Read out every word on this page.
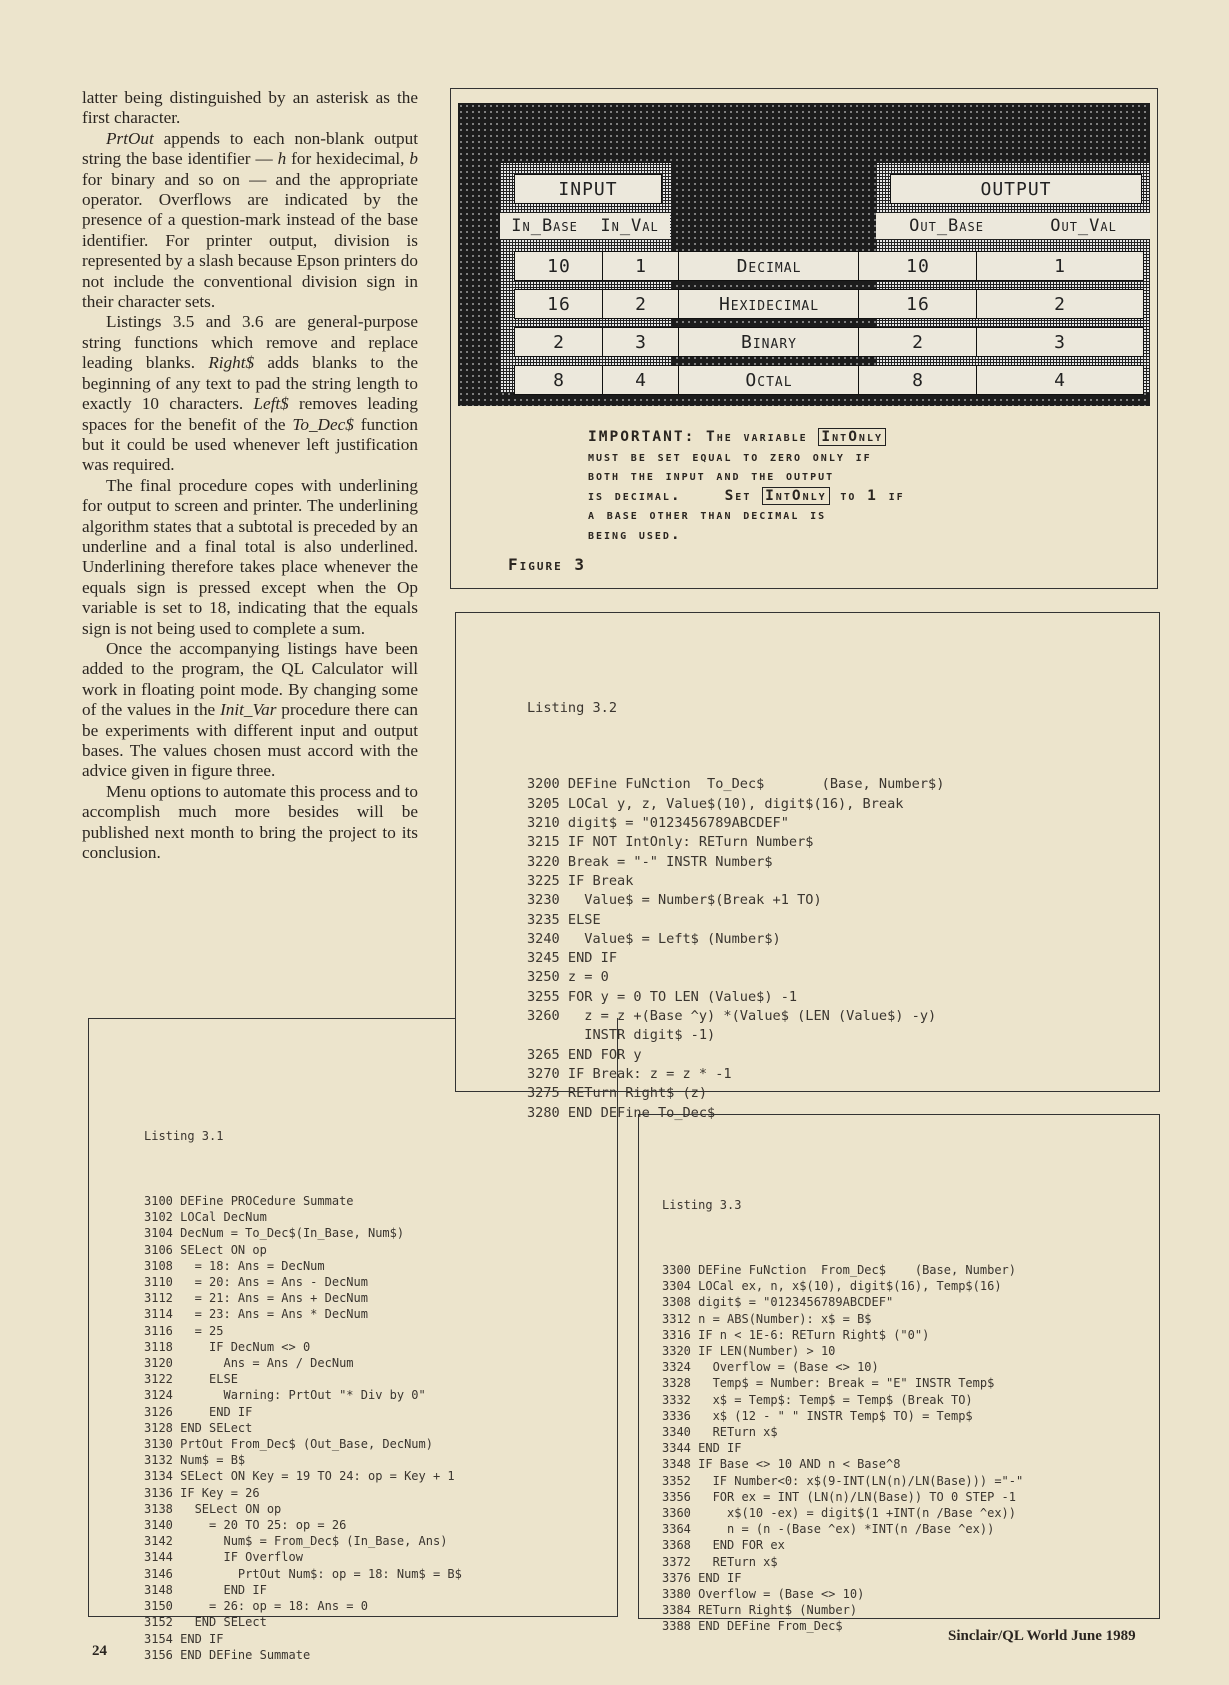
latter being distinguished by an asterisk as the first character.

PrtOut appends to each non-blank output string the base identifier — h for hexidecimal, b for binary and so on — and the appropriate operator. Overflows are indicated by the presence of a question-mark instead of the base identifier. For printer output, division is represented by a slash because Epson printers do not include the conventional division sign in their character sets.

Listings 3.5 and 3.6 are general-purpose string functions which remove and replace leading blanks. Right$ adds blanks to the beginning of any text to pad the string length to exactly 10 characters. Left$ removes leading spaces for the benefit of the To_Dec$ function but it could be used whenever left justification was required.

The final procedure copes with underlining for output to screen and printer. The underlining algorithm states that a subtotal is preceded by an underline and a final total is also underlined. Underlining therefore takes place whenever the equals sign is pressed except when the Op variable is set to 18, indicating that the equals sign is not being used to complete a sum.

Once the accompanying listings have been added to the program, the QL Calculator will work in floating point mode. By changing some of the values in the Init_Var procedure there can be experiments with different input and output bases. The values chosen must accord with the advice given in figure three.

Menu options to automate this process and to accomplish much more besides will be published next month to bring the project to its conclusion.

INPUT	OUTPUT
In_Base In_Val	Out_Base	Out_Val
10	1	Decimal	10	1
16	2	Hexidecimal	16	2
2	3	Binary	2	3
8	4	Octal	8	4
IMPORTANT: The variable IntOnly
must be set equal to zero only if
both the input and the output
is decimal.    Set IntOnly to 1 if
a base other than decimal is
being used.
Figure 3

Listing 3.2

3200 DEFine FuNction  To_Dec$       (Base, Number$)
3205 LOCal y, z, Value$(10), digit$(16), Break
3210 digit$ = "0123456789ABCDEF"
3215 IF NOT IntOnly: RETurn Number$
3220 Break = "-" INSTR Number$
3225 IF Break
3230   Value$ = Number$(Break +1 TO)
3235 ELSE
3240   Value$ = Left$ (Number$)
3245 END IF
3250 z = 0
3255 FOR y = 0 TO LEN (Value$) -1
3260   z = z +(Base ^y) *(Value$ (LEN (Value$) -y)
INSTR digit$ -1)
3265 END FOR y
3270 IF Break: z = z * -1
3275 RETurn Right$ (z)
3280 END DEFine To_Dec$

Listing 3.1

3100 DEFine PROCedure Summate
3102 LOCal DecNum
3104 DecNum = To_Dec$(In_Base, Num$)
3106 SELect ON op
3108   = 18: Ans = DecNum
3110   = 20: Ans = Ans - DecNum
3112   = 21: Ans = Ans + DecNum
3114   = 23: Ans = Ans * DecNum
3116   = 25
3118     IF DecNum <> 0
3120       Ans = Ans / DecNum
3122     ELSE
3124       Warning: PrtOut "* Div by 0"
3126     END IF
3128 END SELect
3130 PrtOut From_Dec$ (Out_Base, DecNum)
3132 Num$ = B$
3134 SELect ON Key = 19 TO 24: op = Key + 1
3136 IF Key = 26
3138   SELect ON op
3140     = 20 TO 25: op = 26
3142       Num$ = From_Dec$ (In_Base, Ans)
3144       IF Overflow
3146         PrtOut Num$: op = 18: Num$ = B$
3148       END IF
3150     = 26: op = 18: Ans = 0
3152   END SELect
3154 END IF
3156 END DEFine Summate

Listing 3.3

3300 DEFine FuNction  From_Dec$    (Base, Number)
3304 LOCal ex, n, x$(10), digit$(16), Temp$(16)
3308 digit$ = "0123456789ABCDEF"
3312 n = ABS(Number): x$ = B$
3316 IF n < 1E-6: RETurn Right$ ("0")
3320 IF LEN(Number) > 10
3324   Overflow = (Base <> 10)
3328   Temp$ = Number: Break = "E" INSTR Temp$
3332   x$ = Temp$: Temp$ = Temp$ (Break TO)
3336   x$ (12 - " " INSTR Temp$ TO) = Temp$
3340   RETurn x$
3344 END IF
3348 IF Base <> 10 AND n < Base^8
3352   IF Number<0: x$(9-INT(LN(n)/LN(Base))) ="-"
3356   FOR ex = INT (LN(n)/LN(Base)) TO 0 STEP -1
3360     x$(10 -ex) = digit$(1 +INT(n /Base ^ex))
3364     n = (n -(Base ^ex) *INT(n /Base ^ex))
3368   END FOR ex
3372   RETurn x$
3376 END IF
3380 Overflow = (Base <> 10)
3384 RETurn Right$ (Number)
3388 END DEFine From_Dec$

24
Sinclair/QL World June 1989
